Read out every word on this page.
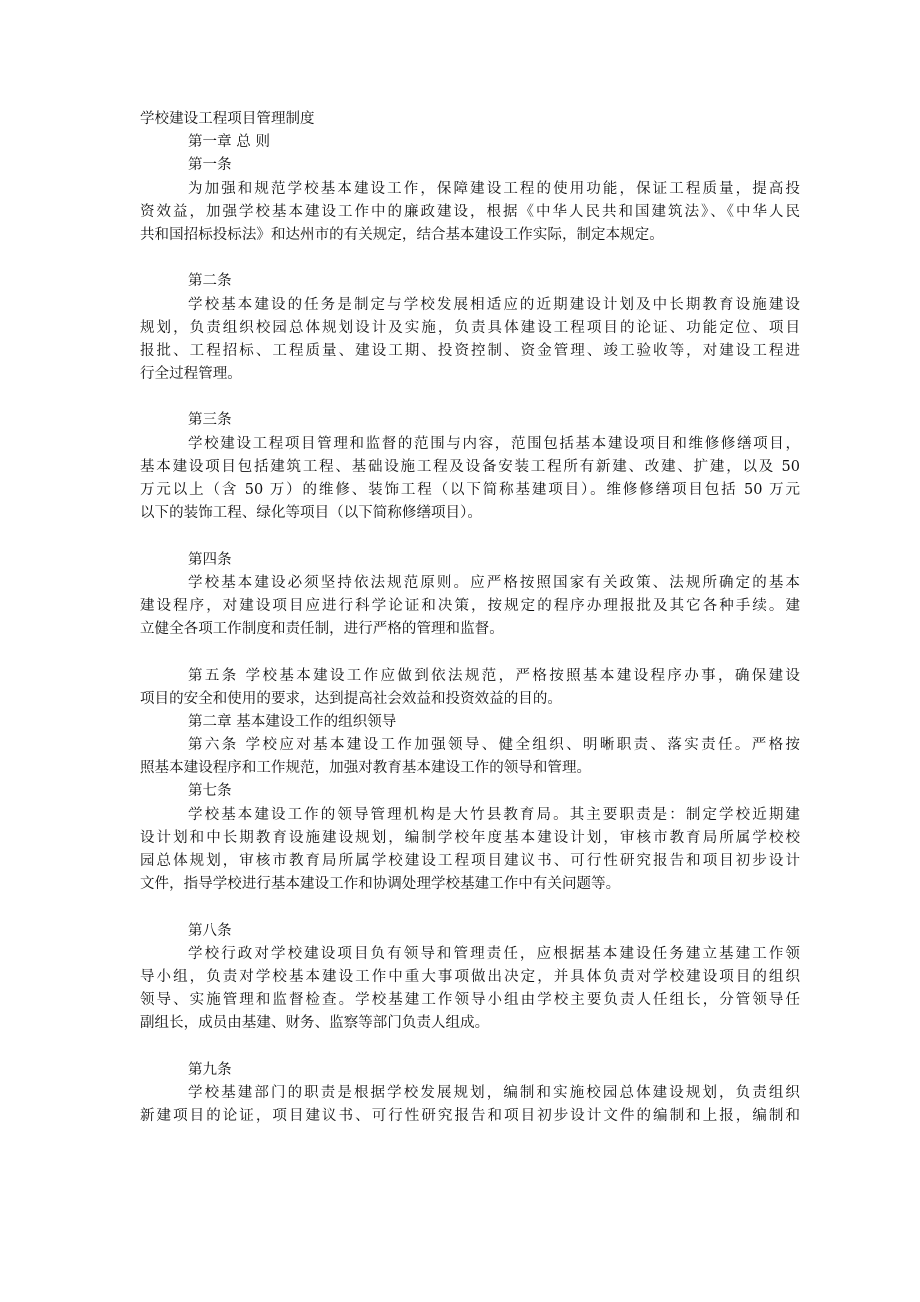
学校建设工程项目管理制度
第一章 总 则
第一条
为加强和规范学校基本建设工作，保障建设工程的使用功能，保证工程质量，提高投
资效益，加强学校基本建设工作中的廉政建设，根据《中华人民共和国建筑法》、《中华人民
共和国招标投标法》和达州市的有关规定，结合基本建设工作实际，制定本规定。
第二条
学校基本建设的任务是制定与学校发展相适应的近期建设计划及中长期教育设施建设
规划，负责组织校园总体规划设计及实施，负责具体建设工程项目的论证、功能定位、项目
报批、工程招标、工程质量、建设工期、投资控制、资金管理、竣工验收等，对建设工程进
行全过程管理。
第三条
学校建设工程项目管理和监督的范围与内容，范围包括基本建设项目和维修修缮项目，
基本建设项目包括建筑工程、基础设施工程及设备安装工程所有新建、改建、扩建，以及 50
万元以上（含 50 万）的维修、装饰工程（以下简称基建项目）。维修修缮项目包括 50 万元
以下的装饰工程、绿化等项目（以下简称修缮项目）。
第四条
学校基本建设必须坚持依法规范原则。应严格按照国家有关政策、法规所确定的基本
建设程序，对建设项目应进行科学论证和决策，按规定的程序办理报批及其它各种手续。建
立健全各项工作制度和责任制，进行严格的管理和监督。
第五条 学校基本建设工作应做到依法规范，严格按照基本建设程序办事，确保建设
项目的安全和使用的要求，达到提高社会效益和投资效益的目的。
第二章 基本建设工作的组织领导
第六条 学校应对基本建设工作加强领导、健全组织、明晰职责、落实责任。严格按
照基本建设程序和工作规范，加强对教育基本建设工作的领导和管理。
第七条
学校基本建设工作的领导管理机构是大竹县教育局。其主要职责是：制定学校近期建
设计划和中长期教育设施建设规划，编制学校年度基本建设计划，审核市教育局所属学校校
园总体规划，审核市教育局所属学校建设工程项目建议书、可行性研究报告和项目初步设计
文件，指导学校进行基本建设工作和协调处理学校基建工作中有关问题等。
第八条
学校行政对学校建设项目负有领导和管理责任，应根据基本建设任务建立基建工作领
导小组，负责对学校基本建设工作中重大事项做出决定，并具体负责对学校建设项目的组织
领导、实施管理和监督检查。学校基建工作领导小组由学校主要负责人任组长，分管领导任
副组长，成员由基建、财务、监察等部门负责人组成。
第九条
学校基建部门的职责是根据学校发展规划，编制和实施校园总体建设规划，负责组织
新建项目的论证，项目建议书、可行性研究报告和项目初步设计文件的编制和上报，编制和
